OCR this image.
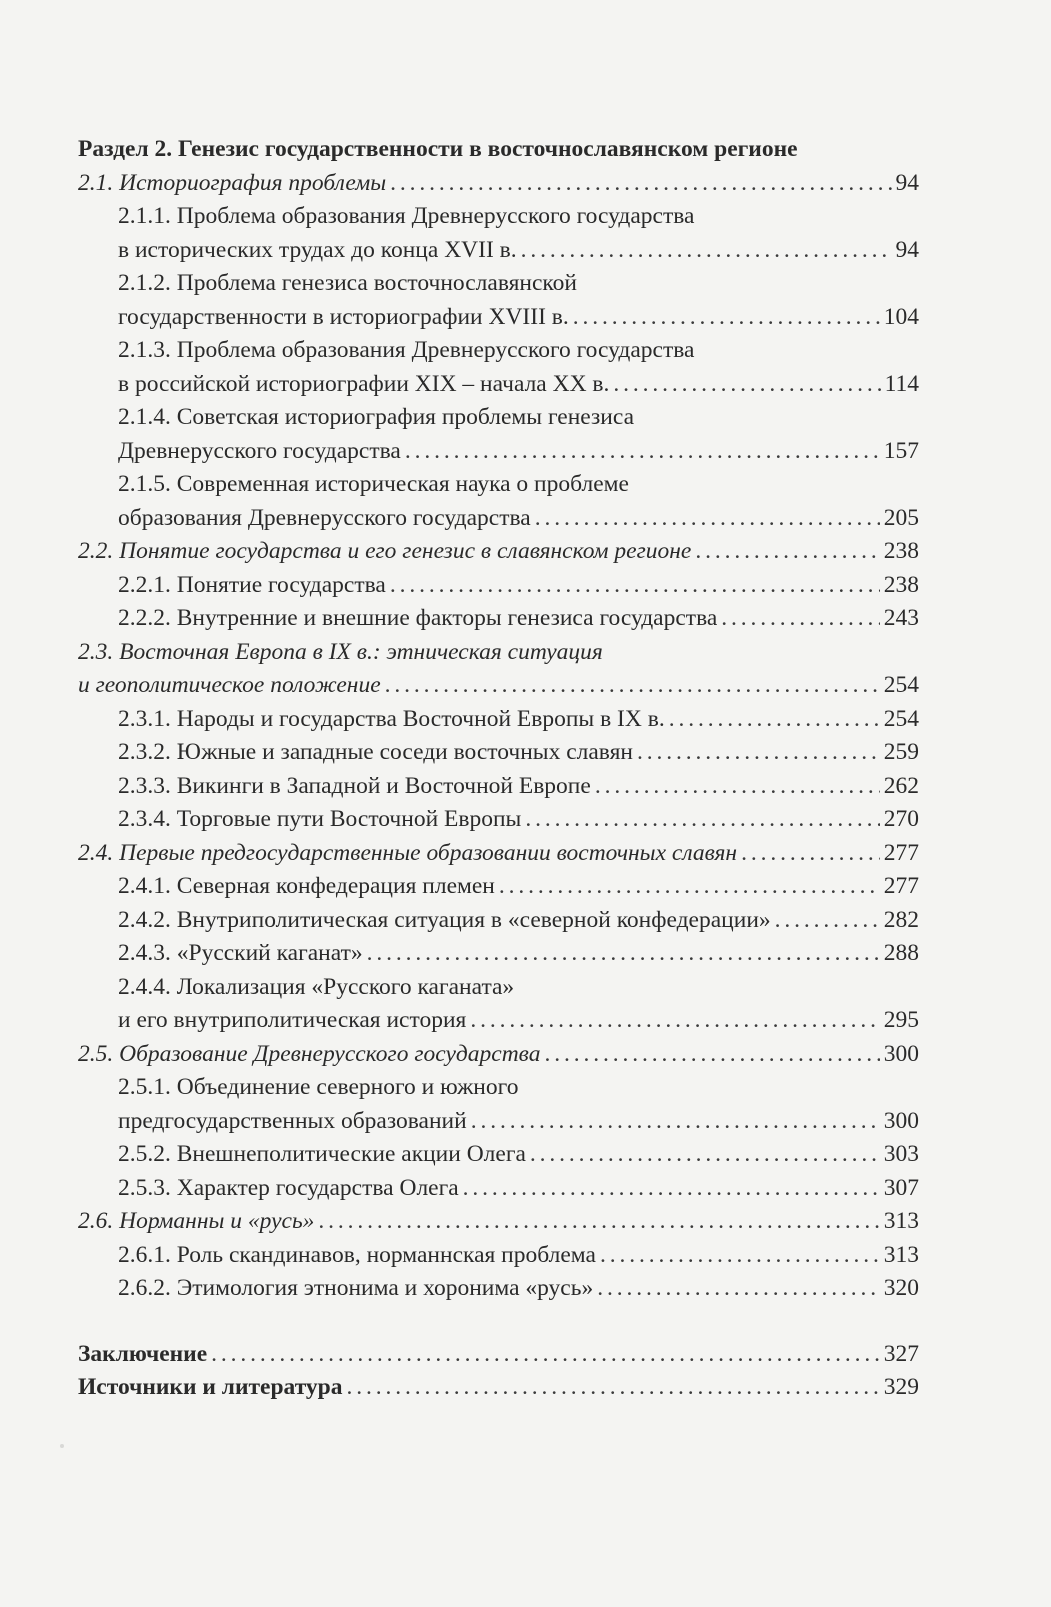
Раздел 2. Генезис государственности в восточнославянском регионе
2.1. Историография проблемы . . .	94
2.1.1. Проблема образования Древнерусского государства
в исторических трудах до конца XVII в. . . .	94
2.1.2. Проблема генезиса восточнославянской
государственности в историографии XVIII в. . . .	104
2.1.3. Проблема образования Древнерусского государства
в российской историографии XIX – начала XX в. . . .	114
2.1.4. Советская историография проблемы генезиса
Древнерусского государства . . .	157
2.1.5. Современная историческая наука о проблеме
образования Древнерусского государства . . .	205
2.2. Понятие государства и его генезис в славянском регионе . . .	238
2.2.1. Понятие государства . . .	238
2.2.2. Внутренние и внешние факторы генезиса государства . . .	243
2.3. Восточная Европа в IX в.: этническая ситуация
и геополитическое положение . . .	254
2.3.1. Народы и государства Восточной Европы в IX в. . . .	254
2.3.2. Южные и западные соседи восточных славян . . .	259
2.3.3. Викинги в Западной и Восточной Европе . . .	262
2.3.4. Торговые пути Восточной Европы . . .	270
2.4. Первые предгосударственные образовании восточных славян . . .	277
2.4.1. Северная конфедерация племен . . .	277
2.4.2. Внутриполитическая ситуация в «северной конфедерации» . . .	282
2.4.3. «Русский каганат» . . .	288
2.4.4. Локализация «Русского каганата»
и его внутриполитическая история . . .	295
2.5. Образование Древнерусского государства . . .	300
2.5.1. Объединение северного и южного
предгосударственных образований . . .	300
2.5.2. Внешнеполитические акции Олега . . .	303
2.5.3. Характер государства Олега . . .	307
2.6. Норманны и «русь» . . .	313
2.6.1. Роль скандинавов, норманнская проблема . . .	313
2.6.2. Этимология этнонима и хоронима «русь» . . .	320
Заключение . . .	327
Источники и литература . . .	329
